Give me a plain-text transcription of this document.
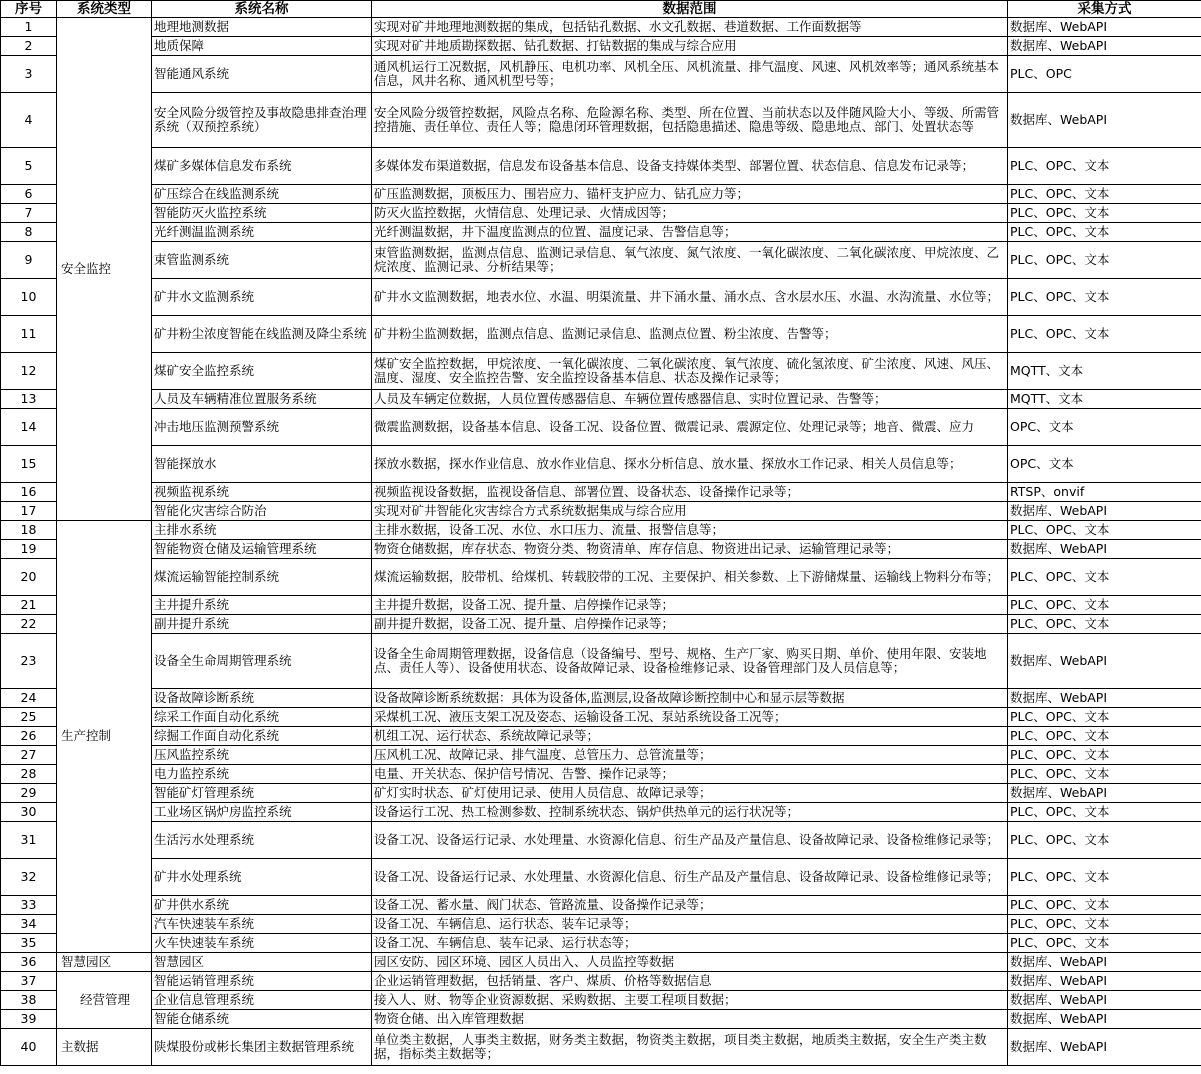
序号	系统类型	系统名称	数据范围	采集方式
1	安全监控	地理地测数据	实现对矿井地理地测数据的集成，包括钻孔数据、水文孔数据、巷道数据、工作面数据等	数据库、WebAPI
2		地质保障	实现对矿井地质勘探数据、钻孔数据、打钻数据的集成与综合应用	数据库、WebAPI
3		智能通风系统	通风机运行工况数据，风机静压、电机功率、风机全压、风机流量、排气温度、风速、风机效率等；通风系统基本信息，风井名称、通风机型号等；	PLC、OPC
4		安全风险分级管控及事故隐患排查治理系统（双预控系统）	安全风险分级管控数据，风险点名称、危险源名称、类型、所在位置、当前状态以及伴随风险大小、等级、所需管控措施、责任单位、责任人等；隐患闭环管理数据，包括隐患描述、隐患等级、隐患地点、部门、处置状态等	数据库、WebAPI
5		煤矿多媒体信息发布系统	多媒体发布渠道数据，信息发布设备基本信息、设备支持媒体类型、部署位置、状态信息、信息发布记录等；	PLC、OPC、文本
6		矿压综合在线监测系统	矿压监测数据，顶板压力、围岩应力、锚杆支护应力、钻孔应力等；	PLC、OPC、文本
7		智能防灭火监控系统	防灭火监控数据，火情信息、处理记录、火情成因等；	PLC、OPC、文本
8		光纤测温监测系统	光纤测温数据，井下温度监测点的位置、温度记录、告警信息等；	PLC、OPC、文本
9		束管监测系统	束管监测数据，监测点信息、监测记录信息、氧气浓度、氮气浓度、一氧化碳浓度、二氧化碳浓度、甲烷浓度、乙烷浓度、监测记录、分析结果等；	PLC、OPC、文本
10		矿井水文监测系统	矿井水文监测数据，地表水位、水温、明渠流量、井下涌水量、涌水点、含水层水压、水温、水沟流量、水位等；	PLC、OPC、文本
11		矿井粉尘浓度智能在线监测及降尘系统	矿井粉尘监测数据，监测点信息、监测记录信息、监测点位置、粉尘浓度、告警等；	PLC、OPC、文本
12		煤矿安全监控系统	煤矿安全监控数据，甲烷浓度、一氧化碳浓度、二氧化碳浓度、氧气浓度、硫化氢浓度、矿尘浓度、风速、风压、温度、湿度、安全监控告警、安全监控设备基本信息、状态及操作记录等；	MQTT、文本
13		人员及车辆精准位置服务系统	人员及车辆定位数据，人员位置传感器信息、车辆位置传感器信息、实时位置记录、告警等；	MQTT、文本
14		冲击地压监测预警系统	微震监测数据，设备基本信息、设备工况、设备位置、微震记录、震源定位、处理记录等；地音、微震、应力	OPC、文本
15		智能探放水	探放水数据，探水作业信息、放水作业信息、探水分析信息、放水量、探放水工作记录、相关人员信息等；	OPC、文本
16		视频监视系统	视频监视设备数据，监视设备信息、部署位置、设备状态、设备操作记录等；	RTSP、onvif
17		智能化灾害综合防治	实现对矿井智能化灾害综合方式系统数据集成与综合应用	数据库、WebAPI
18	生产控制	主排水系统	主排水数据，设备工况、水位、水口压力、流量、报警信息等；	PLC、OPC、文本
19		智能物资仓储及运输管理系统	物资仓储数据，库存状态、物资分类、物资清单、库存信息、物资进出记录、运输管理记录等；	数据库、WebAPI
20		煤流运输智能控制系统	煤流运输数据，胶带机、给煤机、转载胶带的工况、主要保护、相关参数、上下游储煤量、运输线上物料分布等；	PLC、OPC、文本
21		主井提升系统	主井提升数据，设备工况、提升量、启停操作记录等；	PLC、OPC、文本
22		副井提升系统	副井提升数据，设备工况、提升量、启停操作记录等；	PLC、OPC、文本
23		设备全生命周期管理系统	设备全生命周期管理数据，设备信息（设备编号、型号、规格、生产厂家、购买日期、单价、使用年限、安装地点、责任人等）、设备使用状态、设备故障记录、设备检维修记录、设备管理部门及人员信息等；	数据库、WebAPI
24		设备故障诊断系统	设备故障诊断系统数据：具体为设备体,监测层,设备故障诊断控制中心和显示层等数据	数据库、WebAPI
25		综采工作面自动化系统	采煤机工况、液压支架工况及姿态、运输设备工况、泵站系统设备工况等；	PLC、OPC、文本
26		综掘工作面自动化系统	机组工况、运行状态、系统故障记录等；	PLC、OPC、文本
27		压风监控系统	压风机工况、故障记录、排气温度、总管压力、总管流量等；	PLC、OPC、文本
28		电力监控系统	电量、开关状态、保护信号情况、告警、操作记录等；	PLC、OPC、文本
29		智能矿灯管理系统	矿灯实时状态、矿灯使用记录、使用人员信息、故障记录等；	数据库、WebAPI
30		工业场区锅炉房监控系统	设备运行工况、热工检测参数、控制系统状态、锅炉供热单元的运行状况等；	PLC、OPC、文本
31		生活污水处理系统	设备工况、设备运行记录、水处理量、水资源化信息、衍生产品及产量信息、设备故障记录、设备检维修记录等；	PLC、OPC、文本
32		矿井水处理系统	设备工况、设备运行记录、水处理量、水资源化信息、衍生产品及产量信息、设备故障记录、设备检维修记录等；	PLC、OPC、文本
33		矿井供水系统	设备工况、蓄水量、阀门状态、管路流量、设备操作记录等；	PLC、OPC、文本
34		汽车快速装车系统	设备工况、车辆信息、运行状态、装车记录等；	PLC、OPC、文本
35		火车快速装车系统	设备工况、车辆信息、装车记录、运行状态等；	PLC、OPC、文本
36	智慧园区	智慧园区	园区安防、园区环境、园区人员出入、人员监控等数据	数据库、WebAPI
37	经营管理	智能运销管理系统	企业运销管理数据，包括销量、客户、煤质、价格等数据信息	数据库、WebAPI
38		企业信息管理系统	接入人、财、物等企业资源数据、采购数据、主要工程项目数据；	数据库、WebAPI
39		智能仓储系统	物资仓储、出入库管理数据	数据库、WebAPI
40	主数据	陕煤股份或彬长集团主数据管理系统	单位类主数据，人事类主数据，财务类主数据，物资类主数据，项目类主数据，地质类主数据，安全生产类主数据，指标类主数据等；	数据库、WebAPI
